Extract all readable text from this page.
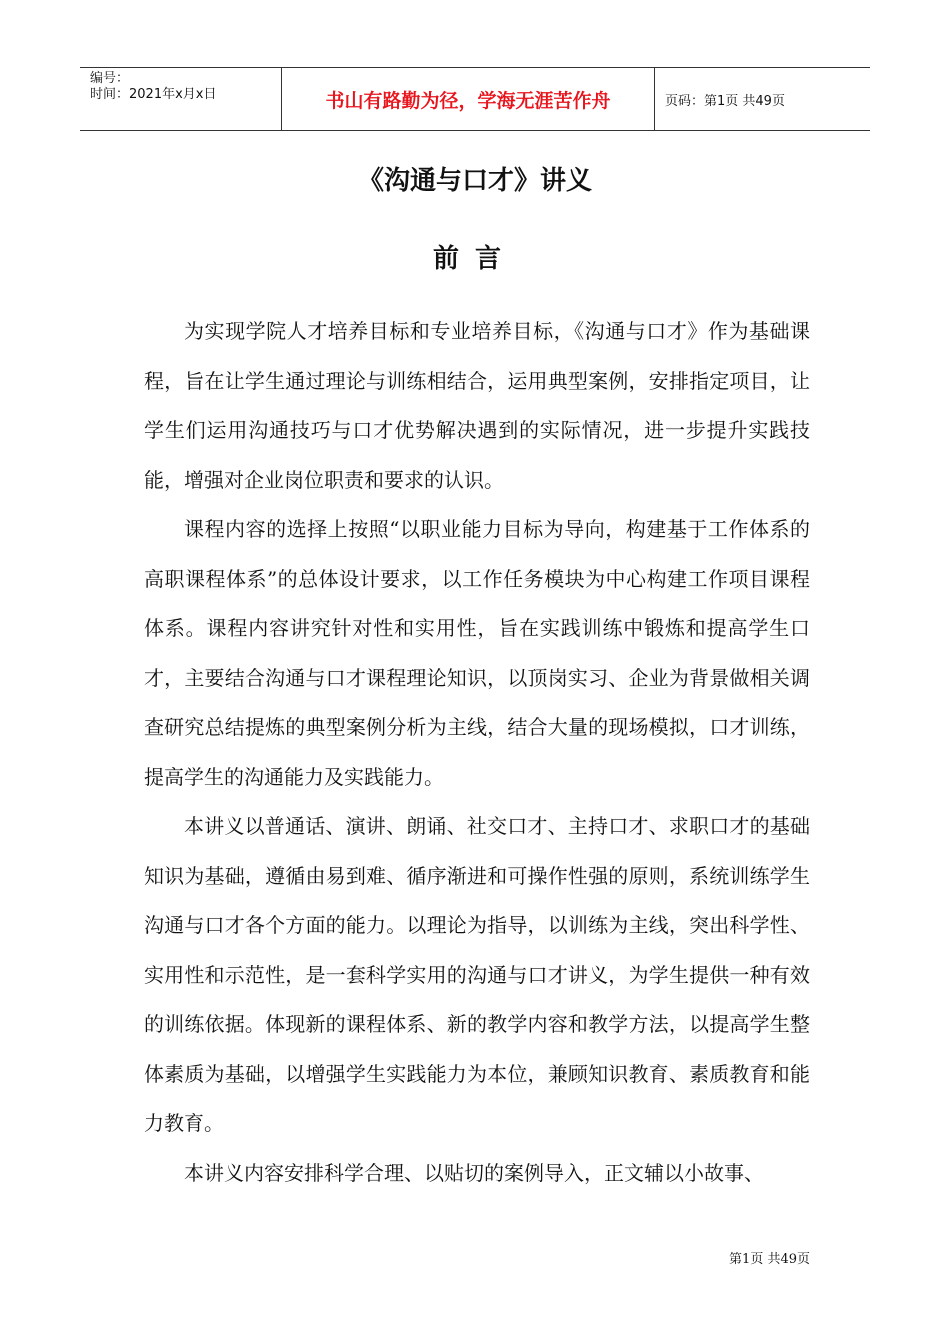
编号：
时间：2021年x月x日	书山有路勤为径，学海无涯苦作舟	页码：第1页 共49页
《沟通与口才》讲义
前言

为实现学院人才培养目标和专业培养目标，《沟通与口才》作为基础课程，旨在让学生通过理论与训练相结合，运用典型案例，安排指定项目，让学生们运用沟通技巧与口才优势解决遇到的实际情况，进一步提升实践技能，增强对企业岗位职责和要求的认识。

课程内容的选择上按照“以职业能力目标为导向，构建基于工作体系的高职课程体系”的总体设计要求，以工作任务模块为中心构建工作项目课程体系。课程内容讲究针对性和实用性，旨在实践训练中锻炼和提高学生口才，主要结合沟通与口才课程理论知识，以顶岗实习、企业为背景做相关调查研究总结提炼的典型案例分析为主线，结合大量的现场模拟，口才训练，提高学生的沟通能力及实践能力。

本讲义以普通话、演讲、朗诵、社交口才、主持口才、求职口才的基础知识为基础，遵循由易到难、循序渐进和可操作性强的原则，系统训练学生沟通与口才各个方面的能力。以理论为指导，以训练为主线，突出科学性、实用性和示范性，是一套科学实用的沟通与口才讲义，为学生提供一种有效的训练依据。体现新的课程体系、新的教学内容和教学方法，以提高学生整体素质为基础，以增强学生实践能力为本位，兼顾知识教育、素质教育和能力教育。

本讲义内容安排科学合理、以贴切的案例导入，正文辅以小故事、

第1页 共49页
